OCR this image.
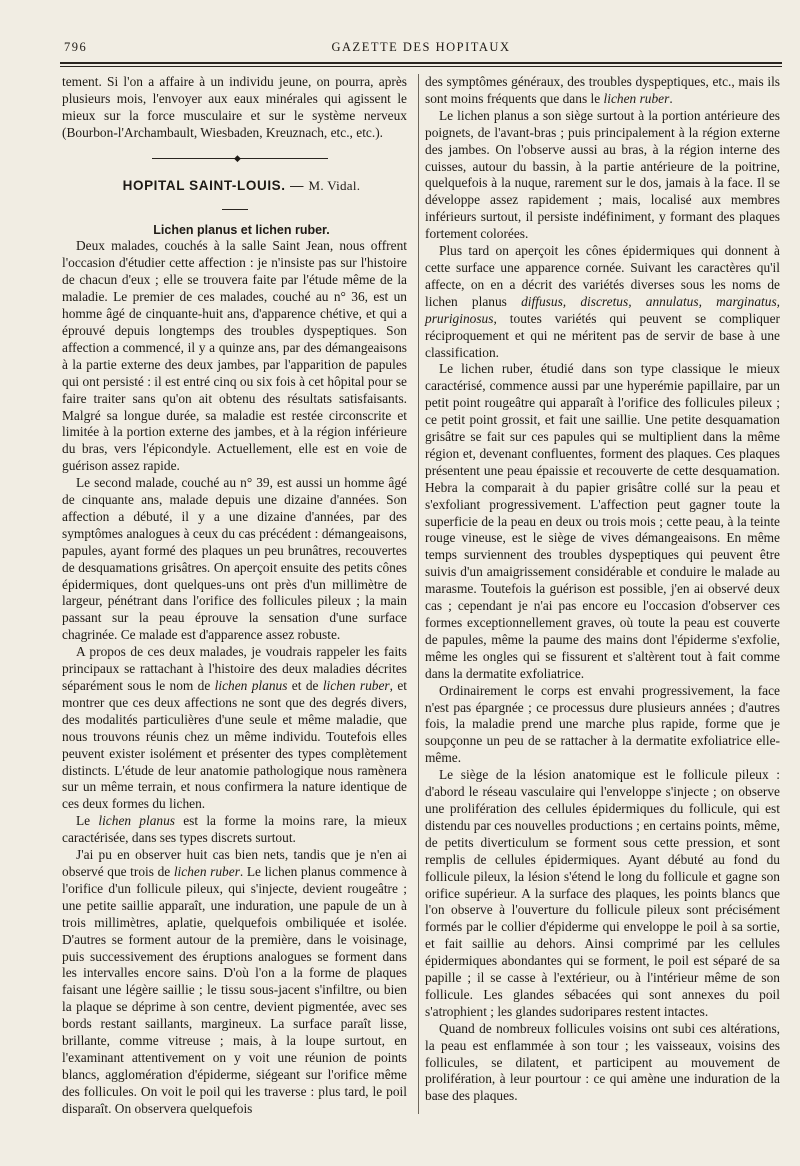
796	GAZETTE DES HOPITAUX

tement. Si l'on a affaire à un individu jeune, on pourra, après plusieurs mois, l'envoyer aux eaux minérales qui agissent le mieux sur la force musculaire et sur le système nerveux (Bourbon-l'Archambault, Wiesbaden, Kreuznach, etc., etc.).

◆

HOPITAL SAINT-LOUIS. — M. Vidal.

Lichen planus et lichen ruber.

Deux malades, couchés à la salle Saint Jean, nous offrent l'occasion d'étudier cette affection : je n'insiste pas sur l'histoire de chacun d'eux ; elle se trouvera faite par l'étude même de la maladie. Le premier de ces malades, couché au n° 36, est un homme âgé de cinquante-huit ans, d'apparence chétive, et qui a éprouvé depuis longtemps des troubles dyspeptiques. Son affection a commencé, il y a quinze ans, par des démangeaisons à la partie externe des deux jambes, par l'apparition de papules qui ont persisté : il est entré cinq ou six fois à cet hôpital pour se faire traiter sans qu'on ait obtenu des résultats satisfaisants. Malgré sa longue durée, sa maladie est restée circonscrite et limitée à la portion externe des jambes, et à la région inférieure du bras, vers l'épicondyle. Actuellement, elle est en voie de guérison assez rapide.

Le second malade, couché au n° 39, est aussi un homme âgé de cinquante ans, malade depuis une dizaine d'années. Son affection a débuté, il y a une dizaine d'années, par des symptômes analogues à ceux du cas précédent : démangeaisons, papules, ayant formé des plaques un peu brunâtres, recouvertes de desquamations grisâtres. On aperçoit ensuite des petits cônes épidermiques, dont quelques-uns ont près d'un millimètre de largeur, pénétrant dans l'orifice des follicules pileux ; la main passant sur la peau éprouve la sensation d'une surface chagrinée. Ce malade est d'apparence assez robuste.

A propos de ces deux malades, je voudrais rappeler les faits principaux se rattachant à l'histoire des deux maladies décrites séparément sous le nom de lichen planus et de lichen ruber, et montrer que ces deux affections ne sont que des degrés divers, des modalités particulières d'une seule et même maladie, que nous trouvons réunis chez un même individu. Toutefois elles peuvent exister isolément et présenter des types complètement distincts. L'étude de leur anatomie pathologique nous ramènera sur un même terrain, et nous confirmera la nature identique de ces deux formes du lichen.

Le lichen planus est la forme la moins rare, la mieux caractérisée, dans ses types discrets surtout.

J'ai pu en observer huit cas bien nets, tandis que je n'en ai observé que trois de lichen ruber. Le lichen planus commence à l'orifice d'un follicule pileux, qui s'injecte, devient rougeâtre ; une petite saillie apparaît, une induration, une papule de un à trois millimètres, aplatie, quelquefois ombiliquée et isolée. D'autres se forment autour de la première, dans le voisinage, puis successivement des éruptions analogues se forment dans les intervalles encore sains. D'où l'on a la forme de plaques faisant une légère saillie ; le tissu sous-jacent s'infiltre, ou bien la plaque se déprime à son centre, devient pigmentée, avec ses bords restant saillants, margineux. La surface paraît lisse, brillante, comme vitreuse ; mais, à la loupe surtout, en l'examinant attentivement on y voit une réunion de points blancs, agglomération d'épiderme, siégeant sur l'orifice même des follicules. On voit le poil qui les traverse : plus tard, le poil disparaît. On observera quelquefois

des symptômes généraux, des troubles dyspeptiques, etc., mais ils sont moins fréquents que dans le lichen ruber.

Le lichen planus a son siège surtout à la portion antérieure des poignets, de l'avant-bras ; puis principalement à la région externe des jambes. On l'observe aussi au bras, à la région interne des cuisses, autour du bassin, à la partie antérieure de la poitrine, quelquefois à la nuque, rarement sur le dos, jamais à la face. Il se développe assez rapidement ; mais, localisé aux membres inférieurs surtout, il persiste indéfiniment, y formant des plaques fortement colorées.

Plus tard on aperçoit les cônes épidermiques qui donnent à cette surface une apparence cornée. Suivant les caractères qu'il affecte, on en a décrit des variétés diverses sous les noms de lichen planus diffusus, discretus, annulatus, marginatus, pruriginosus, toutes variétés qui peuvent se compliquer réciproquement et qui ne méritent pas de servir de base à une classification.

Le lichen ruber, étudié dans son type classique le mieux caractérisé, commence aussi par une hyperémie papillaire, par un petit point rougeâtre qui apparaît à l'orifice des follicules pileux ; ce petit point grossit, et fait une saillie. Une petite desquamation grisâtre se fait sur ces papules qui se multiplient dans la même région et, devenant confluentes, forment des plaques. Ces plaques présentent une peau épaissie et recouverte de cette desquamation. Hebra la comparait à du papier grisâtre collé sur la peau et s'exfoliant progressivement. L'affection peut gagner toute la superficie de la peau en deux ou trois mois ; cette peau, à la teinte rouge vineuse, est le siège de vives démangeaisons. En même temps surviennent des troubles dyspeptiques qui peuvent être suivis d'un amaigrissement considérable et conduire le malade au marasme. Toutefois la guérison est possible, j'en ai observé deux cas ; cependant je n'ai pas encore eu l'occasion d'observer ces formes exceptionnellement graves, où toute la peau est couverte de papules, même la paume des mains dont l'épiderme s'exfolie, même les ongles qui se fissurent et s'altèrent tout à fait comme dans la dermatite exfoliatrice.

Ordinairement le corps est envahi progressivement, la face n'est pas épargnée ; ce processus dure plusieurs années ; d'autres fois, la maladie prend une marche plus rapide, forme que je soupçonne un peu de se rattacher à la dermatite exfoliatrice elle-même.

Le siège de la lésion anatomique est le follicule pileux : d'abord le réseau vasculaire qui l'enveloppe s'injecte ; on observe une prolifération des cellules épidermiques du follicule, qui est distendu par ces nouvelles productions ; en certains points, même, de petits diverticulum se forment sous cette pression, et sont remplis de cellules épidermiques. Ayant débuté au fond du follicule pileux, la lésion s'étend le long du follicule et gagne son orifice supérieur. A la surface des plaques, les points blancs que l'on observe à l'ouverture du follicule pileux sont précisément formés par le collier d'épiderme qui enveloppe le poil à sa sortie, et fait saillie au dehors. Ainsi comprimé par les cellules épidermiques abondantes qui se forment, le poil est séparé de sa papille ; il se casse à l'extérieur, ou à l'intérieur même de son follicule. Les glandes sébacées qui sont annexes du poil s'atrophient ; les glandes sudoripares restent intactes.

Quand de nombreux follicules voisins ont subi ces altérations, la peau est enflammée à son tour ; les vaisseaux, voisins des follicules, se dilatent, et participent au mouvement de prolifération, à leur pourtour : ce qui amène une induration de la base des plaques.
